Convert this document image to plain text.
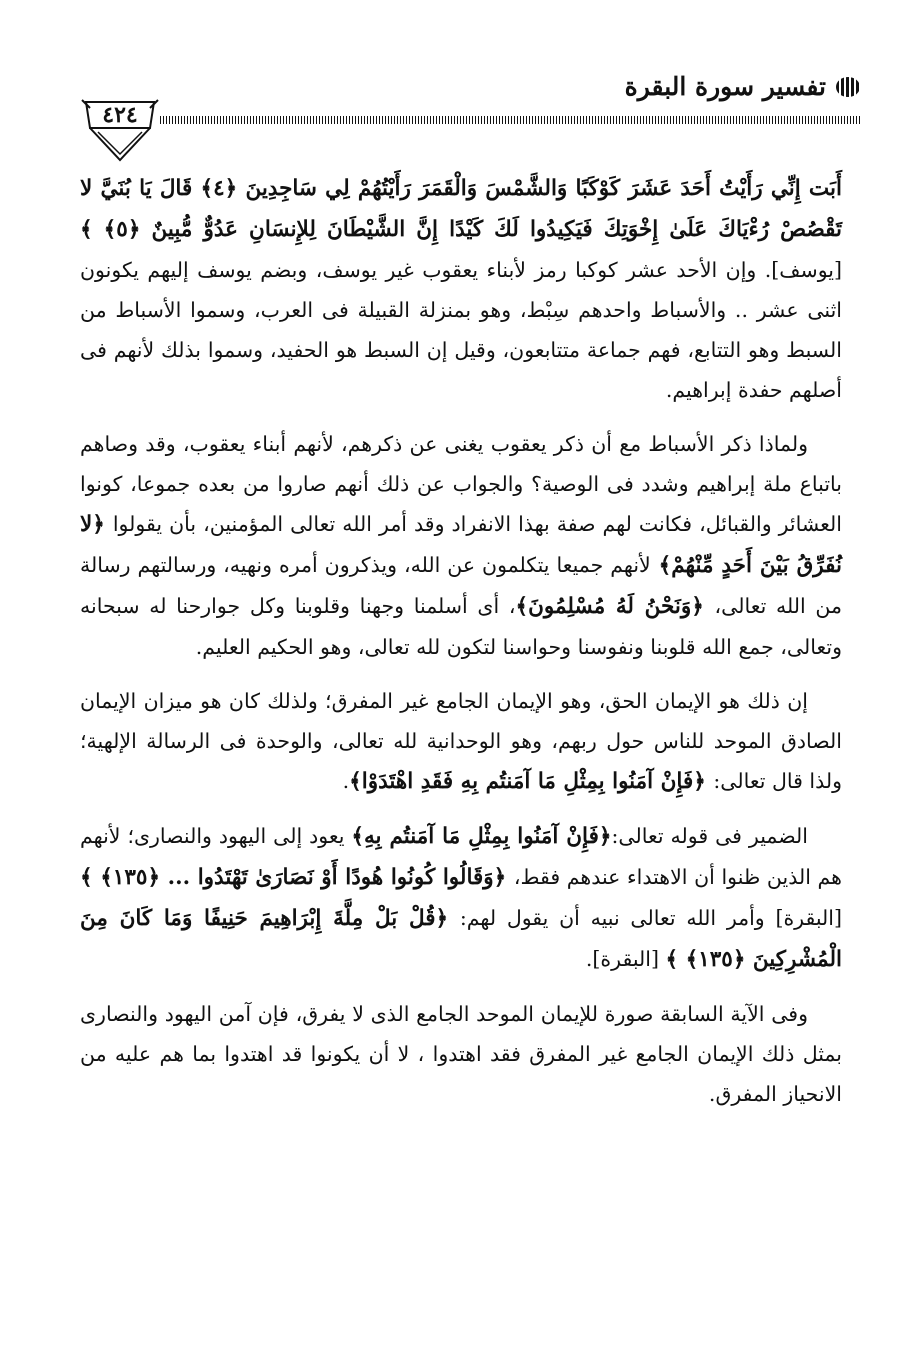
تفسير سورة البقرة
٤٢٤

أَبَت إِنِّي رَأَيْتُ أَحَدَ عَشَرَ كَوْكَبًا وَالشَّمْسَ وَالْقَمَرَ رَأَيْتُهُمْ لِي سَاجِدِينَ ﴿٤﴾ قَالَ يَا بُنَيَّ لا تَقْصُصْ رُءْيَاكَ عَلَىٰ إِخْوَتِكَ فَيَكِيدُوا لَكَ كَيْدًا إِنَّ الشَّيْطَانَ لِلإِنسَانِ عَدُوٌّ مُّبِينٌ ﴿٥﴾ ﴾ [يوسف]. وإن الأحد عشر كوكبا رمز لأبناء يعقوب غير يوسف، وبضم يوسف إليهم يكونون اثنى عشر .. والأسباط واحدهم سِبْط، وهو بمنزلة القبيلة فى العرب، وسموا الأسباط من السبط وهو التتابع، فهم جماعة متتابعون، وقيل إن السبط هو الحفيد، وسموا بذلك لأنهم فى أصلهم حفدة إبراهيم.

ولماذا ذكر الأسباط مع أن ذكر يعقوب يغنى عن ذكرهم، لأنهم أبناء يعقوب، وقد وصاهم باتباع ملة إبراهيم وشدد فى الوصية؟ والجواب عن ذلك أنهم صاروا من بعده جموعا، كونوا العشائر والقبائل، فكانت لهم صفة بهذا الانفراد وقد أمر الله تعالى المؤمنين، بأن يقولوا ﴿لا نُفَرِّقُ بَيْنَ أَحَدٍ مِّنْهُمْ﴾ لأنهم جميعا يتكلمون عن الله، ويذكرون أمره ونهيه، ورسالتهم رسالة من الله تعالى، ﴿وَنَحْنُ لَهُ مُسْلِمُونَ﴾، أى أسلمنا وجهنا وقلوبنا وكل جوارحنا له سبحانه وتعالى، جمع الله قلوبنا ونفوسنا وحواسنا لتكون لله تعالى، وهو الحكيم العليم.

إن ذلك هو الإيمان الحق، وهو الإيمان الجامع غير المفرق؛ ولذلك كان هو ميزان الإيمان الصادق الموحد للناس حول ربهم، وهو الوحدانية لله تعالى، والوحدة فى الرسالة الإلهية؛ ولذا قال تعالى: ﴿فَإِنْ آمَنُوا بِمِثْلِ مَا آمَنتُم بِهِ فَقَدِ اهْتَدَوْا﴾.

الضمير فى قوله تعالى:﴿فَإِنْ آمَنُوا بِمِثْلِ مَا آمَنتُم بِهِ﴾ يعود إلى اليهود والنصارى؛ لأنهم هم الذين ظنوا أن الاهتداء عندهم فقط، ﴿وَقَالُوا كُونُوا هُودًا أَوْ نَصَارَىٰ تَهْتَدُوا ... ﴿١٣٥﴾ ﴾ [البقرة] وأمر الله تعالى نبيه أن يقول لهم: ﴿قُلْ بَلْ مِلَّةَ إِبْرَاهِيمَ حَنِيفًا وَمَا كَانَ مِنَ الْمُشْرِكِينَ ﴿١٣٥﴾ ﴾ [البقرة].

وفى الآية السابقة صورة للإيمان الموحد الجامع الذى لا يفرق، فإن آمن اليهود والنصارى بمثل ذلك الإيمان الجامع غير المفرق فقد اهتدوا ، لا أن يكونوا قد اهتدوا بما هم عليه من الانحياز المفرق.
